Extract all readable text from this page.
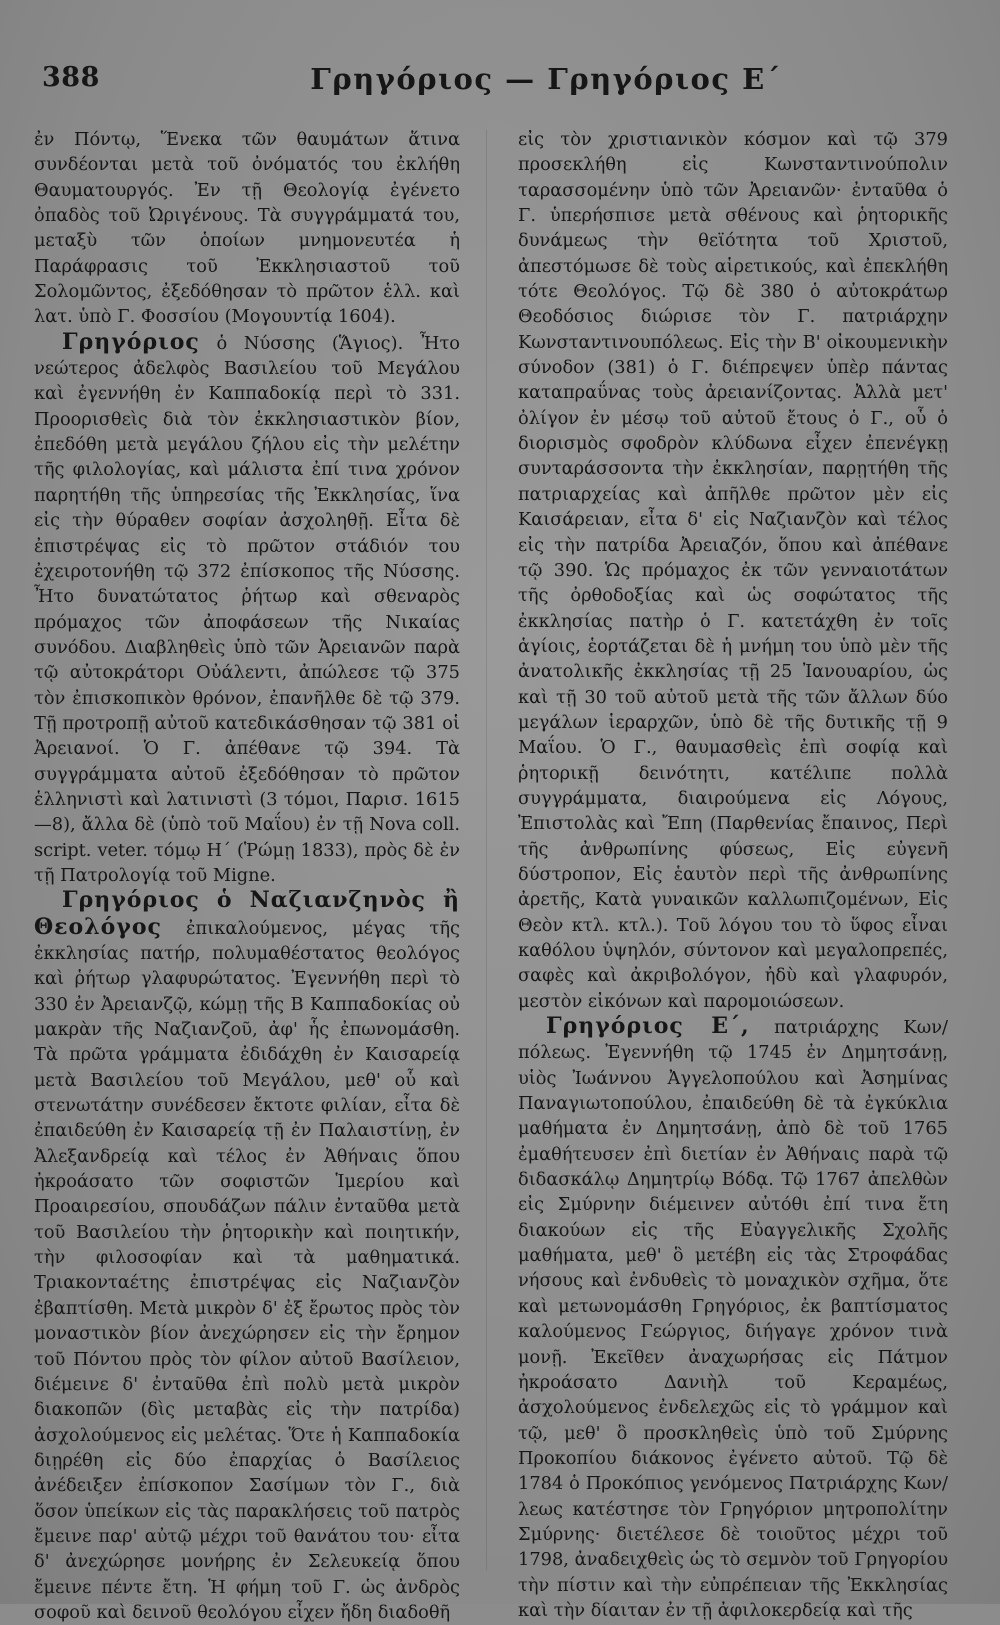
388	Γρηγόριος — Γρηγόριος Ε΄

ἐν Πόντῳ, Ἕνεκα τῶν θαυμάτων ἅτινα συνδέονται μετὰ τοῦ ὀνόματός του ἐκλήθη Θαυματουργός. Ἐν τῇ Θεολογίᾳ ἐγένετο ὀπαδὸς τοῦ Ὠριγένους. Τὰ συγγράμματά του, μεταξὺ τῶν ὁποίων μνημονευτέα ἡ Παράφρασις τοῦ Ἐκκλησιαστοῦ τοῦ Σολομῶντος, ἐξεδόθησαν τὸ πρῶτον ἑλλ. καὶ λατ. ὑπὸ Γ. Φοσσίου (Μογουντίᾳ 1604).

Γρηγόριος ὁ Νύσσης (Ἅγιος). Ἦτο νεώτερος ἀδελφὸς Βασιλείου τοῦ Μεγάλου καὶ ἐγεννήθη ἐν Καππαδοκίᾳ περὶ τὸ 331. Προορισθεὶς διὰ τὸν ἐκκλησιαστικὸν βίον, ἐπεδόθη μετὰ μεγάλου ζήλου εἰς τὴν μελέτην τῆς φιλολογίας, καὶ μάλιστα ἐπί τινα χρόνον παρητήθη τῆς ὑπηρεσίας τῆς Ἐκκλησίας, ἵνα εἰς τὴν θύραθεν σοφίαν ἀσχοληθῇ. Εἶτα δὲ ἐπιστρέψας εἰς τὸ πρῶτον στάδιόν του ἐχειροτονήθη τῷ 372 ἐπίσκοπος τῆς Νύσσης. Ἦτο δυνατώτατος ῥήτωρ καὶ σθεναρὸς πρόμαχος τῶν ἀποφάσεων τῆς Νικαίας συνόδου. Διαβληθεὶς ὑπὸ τῶν Ἀρειανῶν παρὰ τῷ αὐτοκράτορι Οὐάλεντι, ἀπώλεσε τῷ 375 τὸν ἐπισκοπικὸν θρόνον, ἐπανῆλθε δὲ τῷ 379. Τῇ προτροπῇ αὐτοῦ κατεδικάσθησαν τῷ 381 οἱ Ἀρειανοί. Ὁ Γ. ἀπέθανε τῷ 394. Τὰ συγγράμματα αὐτοῦ ἐξεδόθησαν τὸ πρῶτον ἑλληνιστὶ καὶ λατινιστὶ (3 τόμοι, Παρισ. 1615—8), ἄλλα δὲ (ὑπὸ τοῦ Μαΐου) ἐν τῇ Nova coll. script. veter. τόμῳ Η΄ (Ῥώμῃ 1833), πρὸς δὲ ἐν τῇ Πατρολογίᾳ τοῦ Migne.

Γρηγόριος ὁ Ναζιανζηνὸς ἢ Θεολόγος ἐπικαλούμενος, μέγας τῆς ἐκκλησίας πατήρ, πολυμαθέστατος θεολόγος καὶ ῥήτωρ γλαφυρώτατος. Ἐγεννήθη περὶ τὸ 330 ἐν Ἀρειανζῷ, κώμῃ τῆς Β Καππαδοκίας οὐ μακρὰν τῆς Ναζιανζοῦ, ἀφ' ἧς ἐπωνομάσθη. Τὰ πρῶτα γράμματα ἐδιδάχθη ἐν Καισαρείᾳ μετὰ Βασιλείου τοῦ Μεγάλου, μεθ' οὗ καὶ στενωτάτην συνέδεσεν ἔκτοτε φιλίαν, εἶτα δὲ ἐπαιδεύθη ἐν Καισαρείᾳ τῇ ἐν Παλαιστίνῃ, ἐν Ἀλεξανδρείᾳ καὶ τέλος ἐν Ἀθήναις ὅπου ἠκροάσατο τῶν σοφιστῶν Ἱμερίου καὶ Προαιρεσίου, σπουδάζων πάλιν ἐνταῦθα μετὰ τοῦ Βασιλείου τὴν ῥητορικὴν καὶ ποιητικήν, τὴν φιλοσοφίαν καὶ τὰ μαθηματικά. Τριακονταέτης ἐπιστρέψας εἰς Ναζιανζὸν ἐβαπτίσθη. Μετὰ μικρὸν δ' ἐξ ἔρωτος πρὸς τὸν μοναστικὸν βίον ἀνεχώρησεν εἰς τὴν ἔρημον τοῦ Πόντου πρὸς τὸν φίλον αὐτοῦ Βασίλειον, διέμεινε δ' ἐνταῦθα ἐπὶ πολὺ μετὰ μικρὸν διακοπῶν (δὶς μεταβὰς εἰς τὴν πατρίδα) ἀσχολούμενος εἰς μελέτας. Ὅτε ἡ Καππαδοκία διῃρέθη εἰς δύο ἐπαρχίας ὁ Βασίλειος ἀνέδειξεν ἐπίσκοπον Σασίμων τὸν Γ., διὰ ὅσον ὑπείκων εἰς τὰς παρακλήσεις τοῦ πατρὸς ἔμεινε παρ' αὐτῷ μέχρι τοῦ θανάτου του· εἶτα δ' ἀνεχώρησε μονήρης ἐν Σελευκείᾳ ὅπου ἔμεινε πέντε ἔτη. Ἡ φήμη τοῦ Γ. ὡς ἀνδρὸς σοφοῦ καὶ δεινοῦ θεολόγου εἶχεν ἤδη διαδοθῆ

εἰς τὸν χριστιανικὸν κόσμον καὶ τῷ 379 προσεκλήθη εἰς Κωνσταντινούπολιν ταρασσομένην ὑπὸ τῶν Ἀρειανῶν· ἐνταῦθα ὁ Γ. ὑπερήσπισε μετὰ σθένους καὶ ῥητορικῆς δυνάμεως τὴν θεϊότητα τοῦ Χριστοῦ, ἀπεστόμωσε δὲ τοὺς αἱρετικούς, καὶ ἐπεκλήθη τότε Θεολόγος. Τῷ δὲ 380 ὁ αὐτοκράτωρ Θεοδόσιος διώρισε τὸν Γ. πατριάρχην Κωνσταντινουπόλεως. Εἰς τὴν Β' οἰκουμενικὴν σύνοδον (381) ὁ Γ. διέπρεψεν ὑπὲρ πάντας καταπραΰνας τοὺς ἀρειανίζοντας. Ἀλλὰ μετ' ὀλίγον ἐν μέσῳ τοῦ αὐτοῦ ἔτους ὁ Γ., οὗ ὁ διορισμὸς σφοδρὸν κλύδωνα εἶχεν ἐπενέγκῃ συνταράσσοντα τὴν ἐκκλησίαν, παρῃτήθη τῆς πατριαρχείας καὶ ἀπῆλθε πρῶτον μὲν εἰς Καισάρειαν, εἶτα δ' εἰς Ναζιανζὸν καὶ τέλος εἰς τὴν πατρίδα Ἀρειαζόν, ὅπου καὶ ἀπέθανε τῷ 390. Ὡς πρόμαχος ἐκ τῶν γενναιοτάτων τῆς ὀρθοδοξίας καὶ ὡς σοφώτατος τῆς ἐκκλησίας πατὴρ ὁ Γ. κατετάχθη ἐν τοῖς ἁγίοις, ἑορτάζεται δὲ ἡ μνήμη του ὑπὸ μὲν τῆς ἀνατολικῆς ἐκκλησίας τῇ 25 Ἰανουαρίου, ὡς καὶ τῇ 30 τοῦ αὐτοῦ μετὰ τῆς τῶν ἄλλων δύο μεγάλων ἱεραρχῶν, ὑπὸ δὲ τῆς δυτικῆς τῇ 9 Μαΐου. Ὁ Γ., θαυμασθεὶς ἐπὶ σοφίᾳ καὶ ῥητορικῇ δεινότητι, κατέλιπε πολλὰ συγγράμματα, διαιρούμενα εἰς Λόγους, Ἐπιστολὰς καὶ Ἔπη (Παρθενίας ἔπαινος, Περὶ τῆς ἀνθρωπίνης φύσεως, Εἰς εὐγενῆ δύστροπον, Εἰς ἑαυτὸν περὶ τῆς ἀνθρωπίνης ἀρετῆς, Κατὰ γυναικῶν καλλωπιζομένων, Εἰς Θεὸν κτλ. κτλ.). Τοῦ λόγου του τὸ ὕφος εἶναι καθόλου ὑψηλόν, σύντονον καὶ μεγαλοπρεπές, σαφὲς καὶ ἀκριβολόγον, ἠδὺ καὶ γλαφυρόν, μεστὸν εἰκόνων καὶ παρομοιώσεων.

Γρηγόριος Ε΄, πατριάρχης Κων/πόλεως. Ἐγεννήθη τῷ 1745 ἐν Δημητσάνῃ, υἱὸς Ἰωάννου Ἀγγελοπούλου καὶ Ἀσημίνας Παναγιωτοπούλου, ἐπαιδεύθη δὲ τὰ ἐγκύκλια μαθήματα ἐν Δημητσάνῃ, ἀπὸ δὲ τοῦ 1765 ἐμαθήτευσεν ἐπὶ διετίαν ἐν Ἀθήναις παρὰ τῷ διδασκάλῳ Δημητρίῳ Βόδᾳ. Τῷ 1767 ἀπελθὼν εἰς Σμύρνην διέμεινεν αὐτόθι ἐπί τινα ἔτη διακούων εἰς τῆς Εὐαγγελικῆς Σχολῆς μαθήματα, μεθ' ὃ μετέβη εἰς τὰς Στροφάδας νήσους καὶ ἐνδυθεὶς τὸ μοναχικὸν σχῆμα, ὅτε καὶ μετωνομάσθη Γρηγόριος, ἐκ βαπτίσματος καλούμενος Γεώργιος, διήγαγε χρόνον τινὰ μονῇ. Ἐκεῖθεν ἀναχωρήσας εἰς Πάτμον ἠκροάσατο Δανιὴλ τοῦ Κεραμέως, ἀσχολούμενος ἐνδελεχῶς εἰς τὸ γράμμον καὶ τῷ, μεθ' ὃ προσκληθεὶς ὑπὸ τοῦ Σμύρνης Προκοπίου διάκονος ἐγένετο αὐτοῦ. Τῷ δὲ 1784 ὁ Προκόπιος γενόμενος Πατριάρχης Κων/λεως κατέστησε τὸν Γρηγόριον μητροπολίτην Σμύρνης· διετέλεσε δὲ τοιοῦτος μέχρι τοῦ 1798, ἀναδειχθεὶς ὡς τὸ σεμνὸν τοῦ Γρηγορίου τὴν πίστιν καὶ τὴν εὐπρέπειαν τῆς Ἐκκλησίας καὶ τὴν δίαιταν ἐν τῇ ἀφιλοκερδείᾳ καὶ τῆς
